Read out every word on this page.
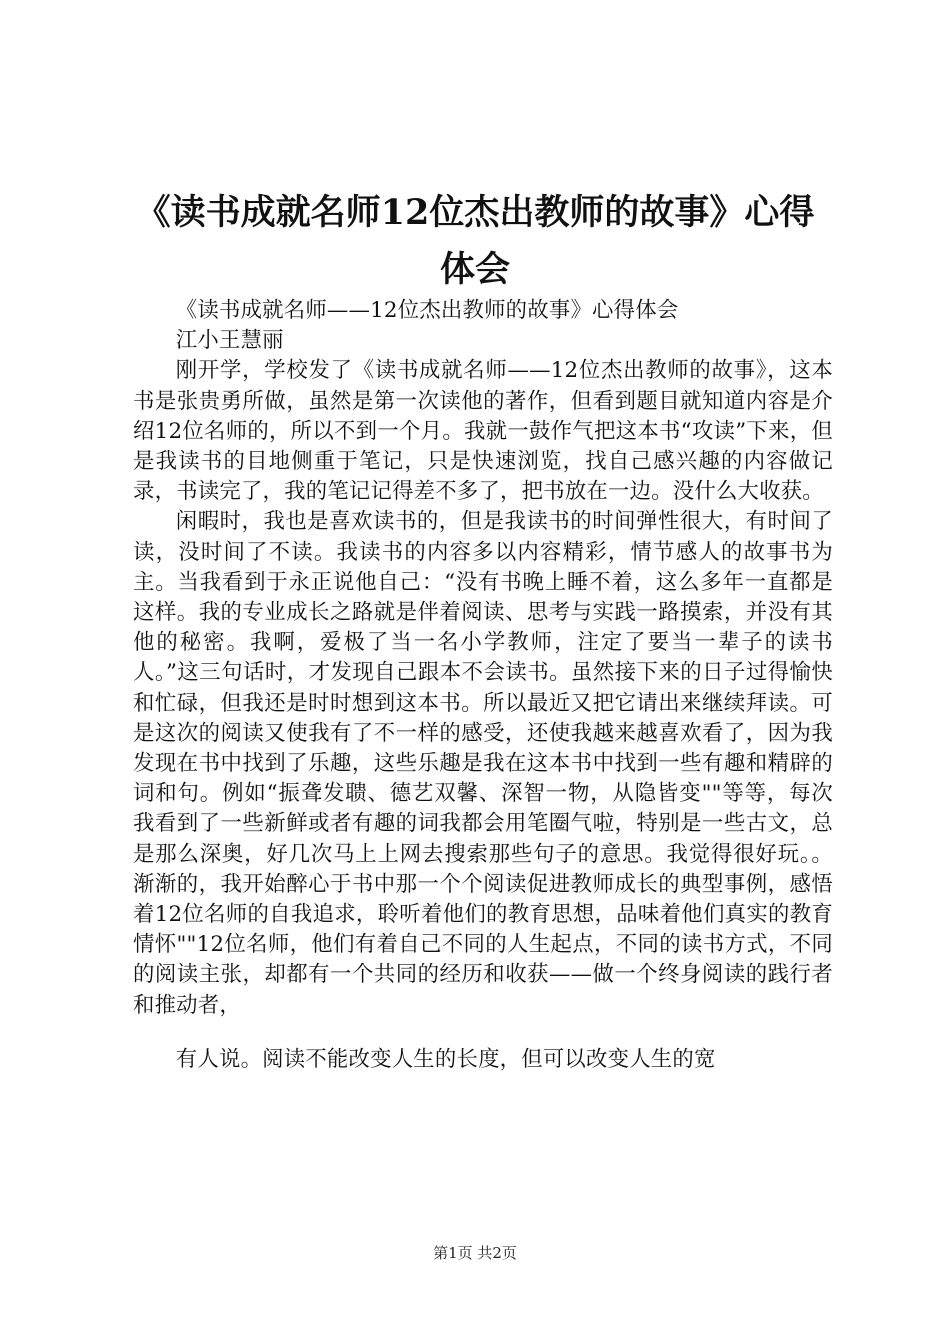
《读书成就名师12位杰出教师的故事》心得
体会

《读书成就名师——12位杰出教师的故事》心得体会

江小王慧丽

刚开学，学校发了《读书成就名师——12位杰出教师的故事》，这本书是张贵勇所做，虽然是第一次读他的著作，但看到题目就知道内容是介绍12位名师的，所以不到一个月。我就一鼓作气把这本书“攻读”下来，但是我读书的目地侧重于笔记，只是快速浏览，找自己感兴趣的内容做记录，书读完了，我的笔记记得差不多了，把书放在一边。没什么大收获。

闲暇时，我也是喜欢读书的，但是我读书的时间弹性很大，有时间了读，没时间了不读。我读书的内容多以内容精彩，情节感人的故事书为主。当我看到于永正说他自己：“没有书晚上睡不着，这么多年一直都是这样。我的专业成长之路就是伴着阅读、思考与实践一路摸索，并没有其他的秘密。我啊，爱极了当一名小学教师，注定了要当一辈子的读书人。”这三句话时，才发现自己跟本不会读书。虽然接下来的日子过得愉快和忙碌，但我还是时时想到这本书。所以最近又把它请出来继续拜读。可是这次的阅读又使我有了不一样的感受，还使我越来越喜欢看了，因为我发现在书中找到了乐趣，这些乐趣是我在这本书中找到一些有趣和精辟的词和句。例如“振聋发聩、德艺双馨、深智一物，从隐皆变""等等，每次我看到了一些新鲜或者有趣的词我都会用笔圈气啦，特别是一些古文，总是那么深奥，好几次马上上网去搜索那些句子的意思。我觉得很好玩。。渐渐的，我开始醉心于书中那一个个阅读促进教师成长的典型事例，感悟着12位名师的自我追求，聆听着他们的教育思想，品味着他们真实的教育情怀""12位名师，他们有着自己不同的人生起点，不同的读书方式，不同的阅读主张，却都有一个共同的经历和收获——做一个终身阅读的践行者和推动者，

有人说。阅读不能改变人生的长度，但可以改变人生的宽

第1页 共2页
